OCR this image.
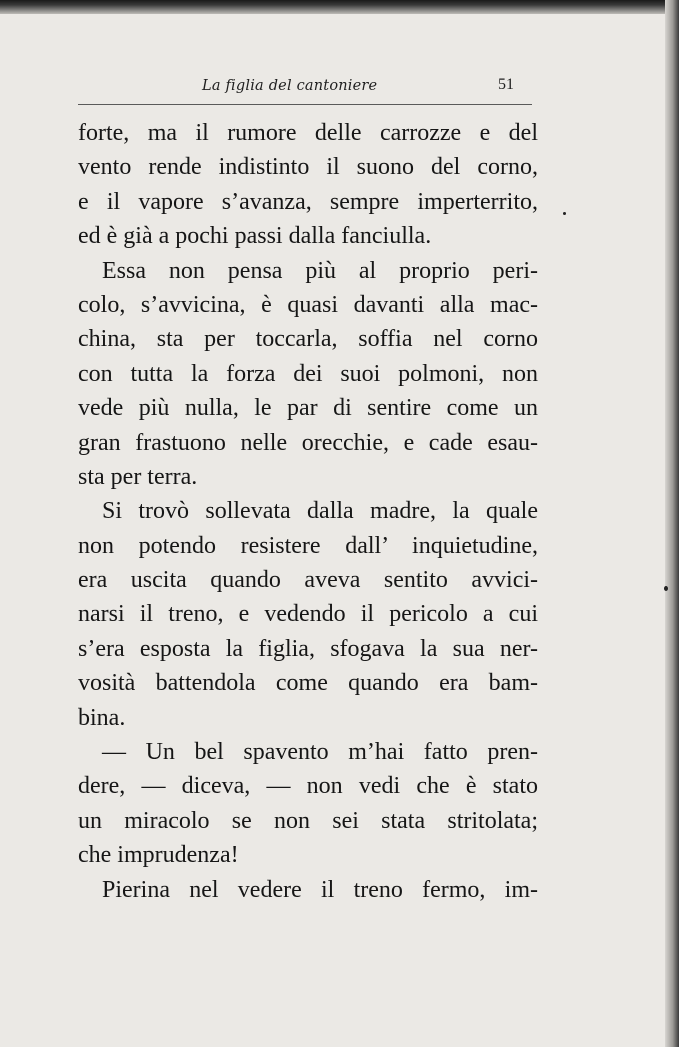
La figlia del cantoniere	51
forte, ma il rumore delle carrozze e del
vento rende indistinto il suono del corno,
e il vapore s’avanza, sempre imperterrito,
ed è già a pochi passi dalla fanciulla.
Essa non pensa più al proprio peri-
colo, s’avvicina, è quasi davanti alla mac-
china, sta per toccarla, soffia nel corno
con tutta la forza dei suoi polmoni, non
vede più nulla, le par di sentire come un
gran frastuono nelle orecchie, e cade esau-
sta per terra.
Si trovò sollevata dalla madre, la quale
non potendo resistere dall’ inquietudine,
era uscita quando aveva sentito avvici-
narsi il treno, e vedendo il pericolo a cui
s’era esposta la figlia, sfogava la sua ner-
vosità battendola come quando era bam-
bina.
— Un bel spavento m’hai fatto pren-
dere, — diceva, — non vedi che è stato
un miracolo se non sei stata stritolata;
che imprudenza!
Pierina nel vedere il treno fermo, im-
